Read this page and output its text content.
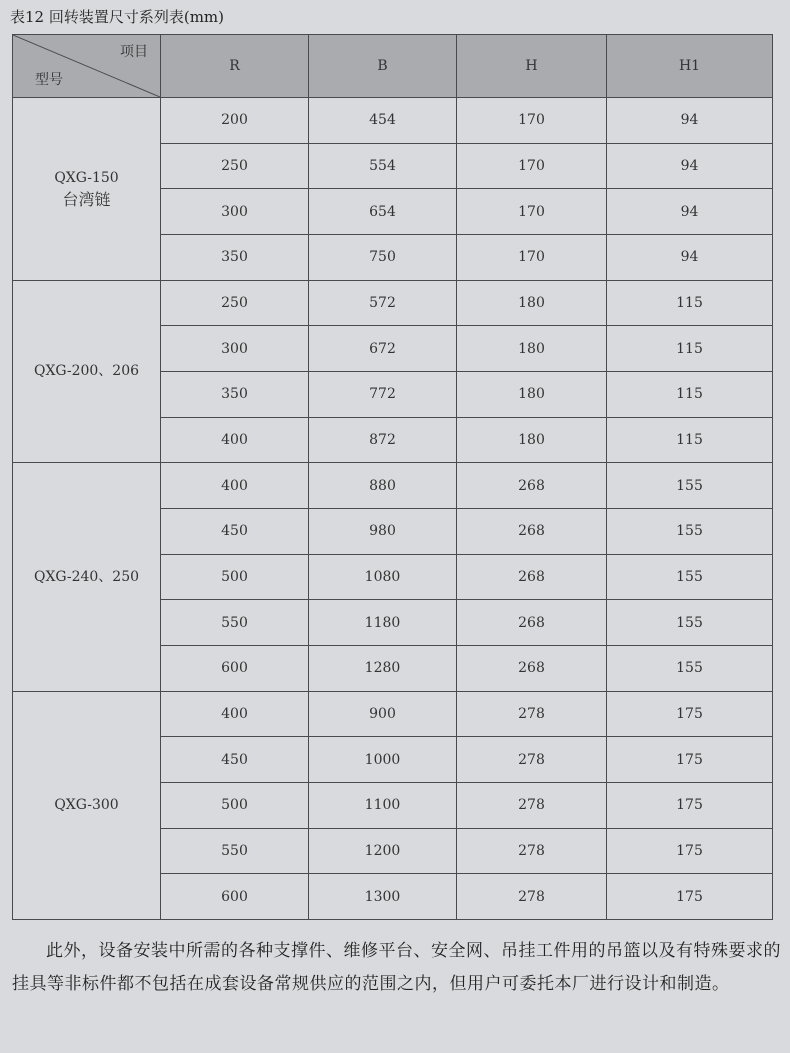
表12 回转装置尺寸系列表(mm)
项目
型号	R	B	H	H1

QXG-150
台湾链	200	454	170	94
	250	554	170	94
	300	654	170	94
	350	750	170	94

QXG-200、206	250	572	180	115
	300	672	180	115
	350	772	180	115
	400	872	180	115

QXG-240、250	400	880	268	155
	450	980	268	155
	500	1080	268	155
	550	1180	268	155
	600	1280	268	155

QXG-300	400	900	278	175
	450	1000	278	175
	500	1100	278	175
	550	1200	278	175
	600	1300	278	175
此外，设备安装中所需的各种支撑件、维修平台、安全网、吊挂工件用的吊篮以及有特殊要求的挂具等非标件都不包括在成套设备常规供应的范围之内，但用户可委托本厂进行设计和制造。
